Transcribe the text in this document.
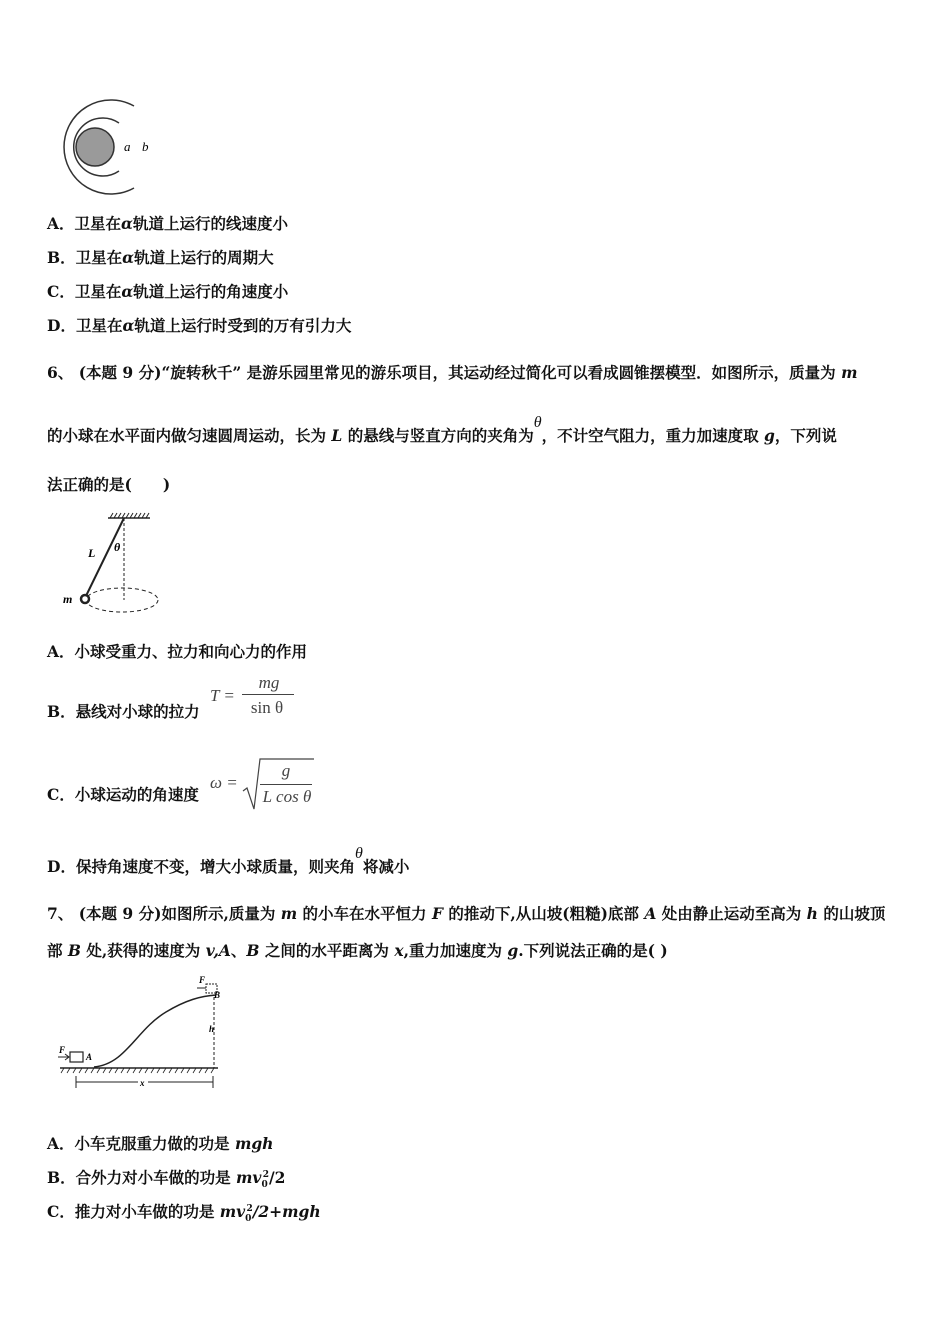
a b
A．卫星在α轨道上运行的线速度小
B．卫星在α轨道上运行的周期大
C．卫星在α轨道上运行的角速度小
D．卫星在α轨道上运行时受到的万有引力大
6、 (本题 9 分)“旋转秋千” 是游乐园里常见的游乐项目，其运动经过简化可以看成圆锥摆模型．如图所示，质量为 m
的小球在水平面内做匀速圆周运动，长为 L 的悬线与竖直方向的夹角为θ，不计空气阻力，重力加速度取 g，下列说
法正确的是(　　)
L θ
m
A．小球受重力、拉力和向心力的作用
B．悬线对小球的拉力
T =
mg
sin θ
C．小球运动的角速度
ω =
g
L cos θ
D．保持角速度不变，增大小球质量，则夹角θ将减小
7、 (本题 9 分)如图所示,质量为 m 的小车在水平恒力 F 的推动下,从山坡(粗糙)底部 A 处由静止运动至高为 h 的山坡顶
部 B 处,获得的速度为 v,A、B 之间的水平距离为 x,重力加速度为 g.下列说法正确的是( )
F
A
F
B
h
x
A．小车克服重力做的功是 mgh
B．合外力对小车做的功是 $mv_0^2/2$
C．推力对小车做的功是 $mv_0^2/2+mgh$
